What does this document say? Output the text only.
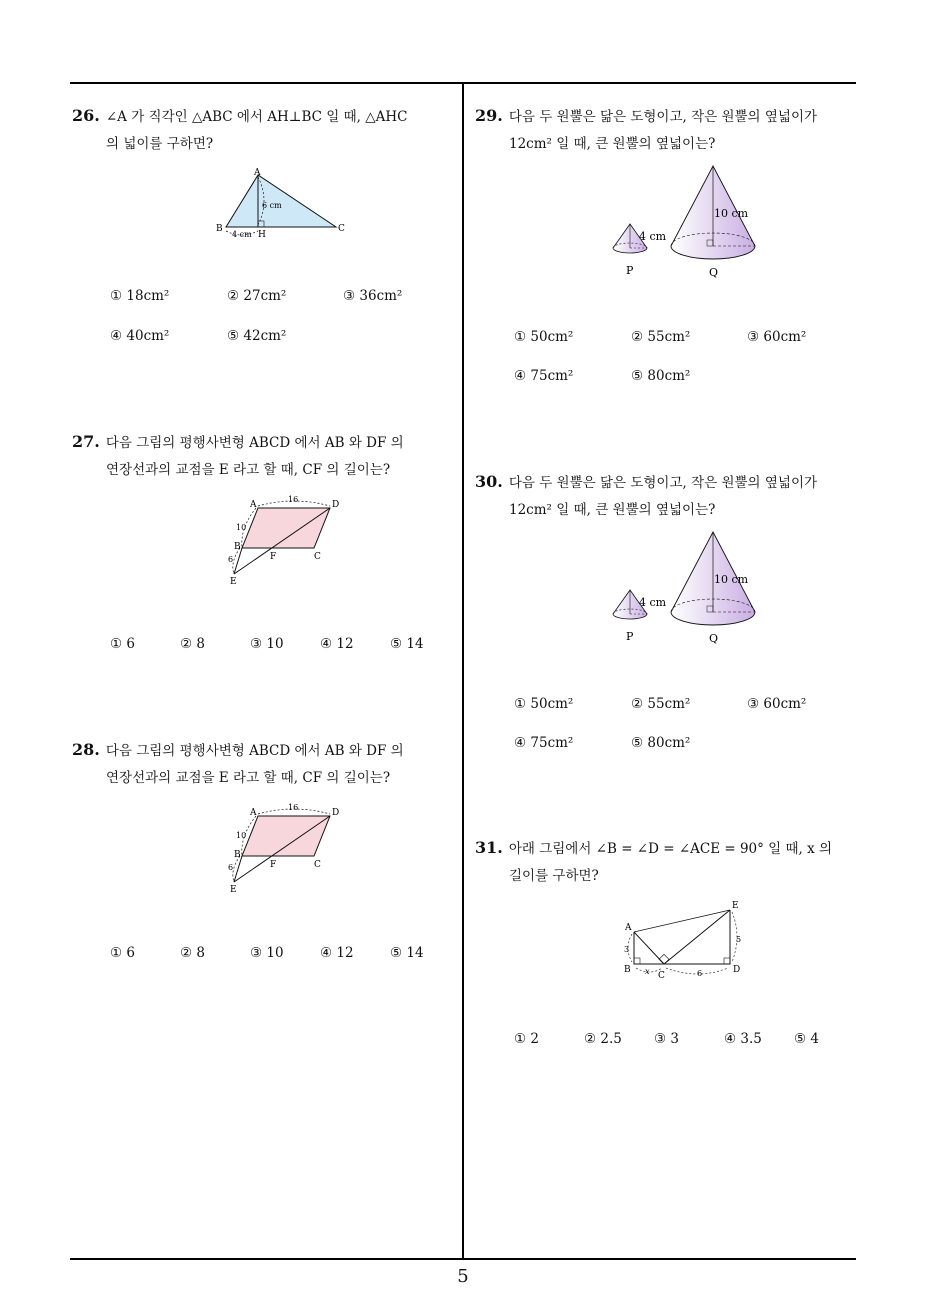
26. ∠A 가 직각인 △ABC 에서 AH⊥BC 일 때, △AHC
의 넓이를 구하면?
A
B	C
H
6 cm
4 cm
① 18cm²	② 27cm²	③ 36cm²
④ 40cm²	⑤ 42cm²
27. 다음 그림의 평행사변형 ABCD 에서 AB 와 DF 의
연장선과의 교점을 E 라고 할 때, CF 의 길이는?
A	D
B
C
F
E
16
10
6
① 6	② 8	③ 10	④ 12	⑤ 14
28. 다음 그림의 평행사변형 ABCD 에서 AB 와 DF 의
연장선과의 교점을 E 라고 할 때, CF 의 길이는?
A	D
B
C
F
E
16
10
6
① 6	② 8	③ 10	④ 12	⑤ 14
29. 다음 두 원뿔은 닮은 도형이고, 작은 원뿔의 옆넓이가
12cm² 일 때, 큰 원뿔의 옆넓이는?
4 cm
10 cm
P	Q
① 50cm²	② 55cm²	③ 60cm²
④ 75cm²	⑤ 80cm²
30. 다음 두 원뿔은 닮은 도형이고, 작은 원뿔의 옆넓이가
12cm² 일 때, 큰 원뿔의 옆넓이는?
4 cm
10 cm
P	Q
① 50cm²	② 55cm²	③ 60cm²
④ 75cm²	⑤ 80cm²
31. 아래 그림에서 ∠B = ∠D = ∠ACE = 90° 일 때, x 의
길이를 구하면?
A
B
C
D
E
3
x	6
5
① 2	② 2.5 ③ 3	④ 3.5 ⑤ 4
5
